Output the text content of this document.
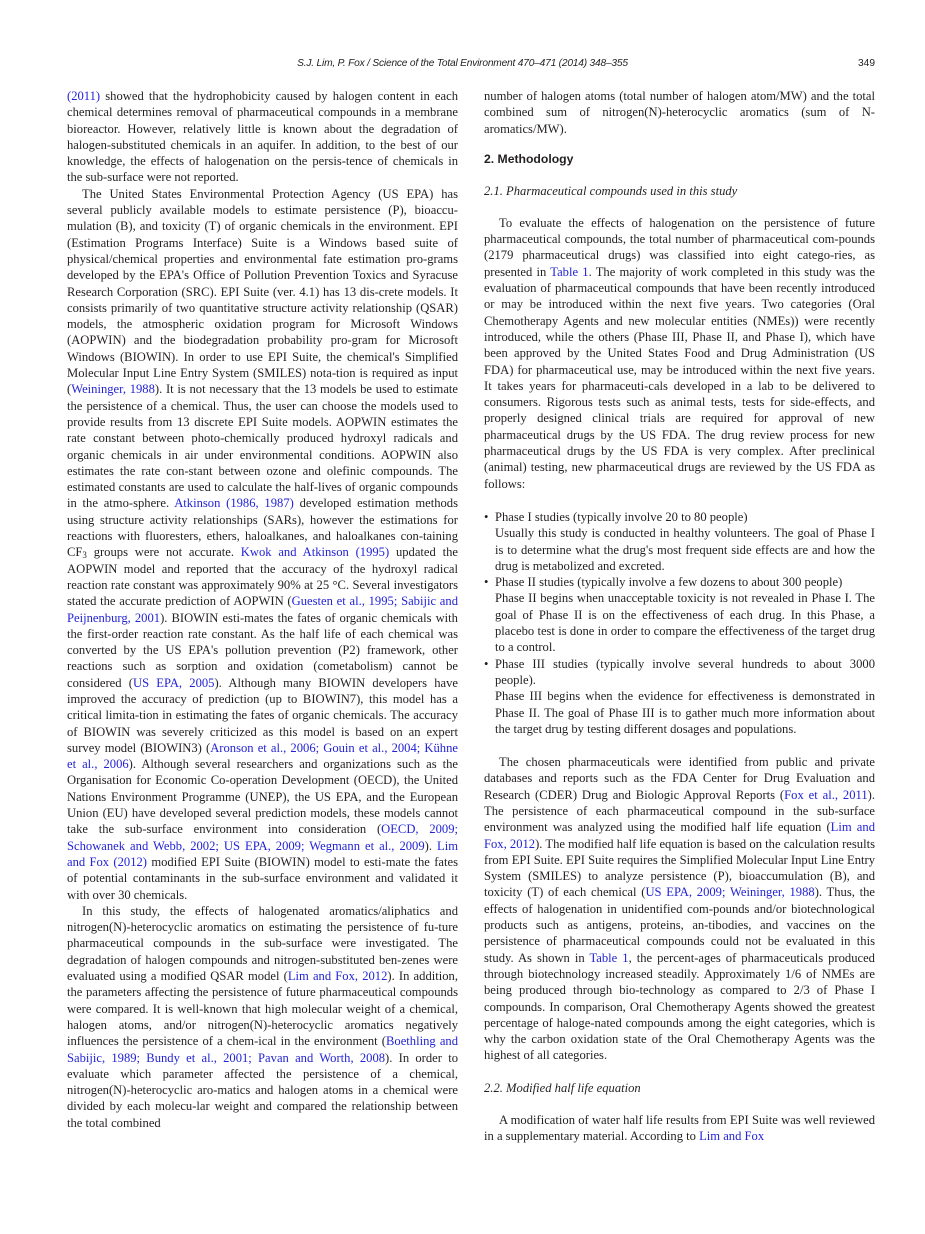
S.J. Lim, P. Fox / Science of the Total Environment 470–471 (2014) 348–355	349

(2011) showed that the hydrophobicity caused by halogen content in each chemical determines removal of pharmaceutical compounds in a membrane bioreactor. However, relatively little is known about the degradation of halogen-substituted chemicals in an aquifer. In addition, to the best of our knowledge, the effects of halogenation on the persis-tence of chemicals in the sub-surface were not reported.

The United States Environmental Protection Agency (US EPA) has several publicly available models to estimate persistence (P), bioaccu-mulation (B), and toxicity (T) of organic chemicals in the environment. EPI (Estimation Programs Interface) Suite is a Windows based suite of physical/chemical properties and environmental fate estimation pro-grams developed by the EPA's Office of Pollution Prevention Toxics and Syracuse Research Corporation (SRC). EPI Suite (ver. 4.1) has 13 dis-crete models. It consists primarily of two quantitative structure activity relationship (QSAR) models, the atmospheric oxidation program for Microsoft Windows (AOPWIN) and the biodegradation probability pro-gram for Microsoft Windows (BIOWIN). In order to use EPI Suite, the chemical's Simplified Molecular Input Line Entry System (SMILES) nota-tion is required as input (Weininger, 1988). It is not necessary that the 13 models be used to estimate the persistence of a chemical. Thus, the user can choose the models used to provide results from 13 discrete EPI Suite models. AOPWIN estimates the rate constant between photo-chemically produced hydroxyl radicals and organic chemicals in air under environmental conditions. AOPWIN also estimates the rate con-stant between ozone and olefinic compounds. The estimated constants are used to calculate the half-lives of organic compounds in the atmo-sphere. Atkinson (1986, 1987) developed estimation methods using structure activity relationships (SARs), however the estimations for reactions with fluoresters, ethers, haloalkanes, and haloalkanes con-taining $CF_3$ groups were not accurate. Kwok and Atkinson (1995) updated the AOPWIN model and reported that the accuracy of the hydroxyl radical reaction rate constant was approximately 90% at 25 °C. Several investigators stated the accurate prediction of AOPWIN (Guesten et al., 1995; Sabijic and Peijnenburg, 2001). BIOWIN esti-mates the fates of organic chemicals with the first-order reaction rate constant. As the half life of each chemical was converted by the US EPA's pollution prevention (P2) framework, other reactions such as sorption and oxidation (cometabolism) cannot be considered (US EPA, 2005). Although many BIOWIN developers have improved the accuracy of prediction (up to BIOWIN7), this model has a critical limita-tion in estimating the fates of organic chemicals. The accuracy of BIOWIN was severely criticized as this model is based on an expert survey model (BIOWIN3) (Aronson et al., 2006; Gouin et al., 2004; Kühne et al., 2006). Although several researchers and organizations such as the Organisation for Economic Co-operation Development (OECD), the United Nations Environment Programme (UNEP), the US EPA, and the European Union (EU) have developed several prediction models, these models cannot take the sub-surface environment into consideration (OECD, 2009; Schowanek and Webb, 2002; US EPA, 2009; Wegmann et al., 2009). Lim and Fox (2012) modified EPI Suite (BIOWIN) model to esti-mate the fates of potential contaminants in the sub-surface environment and validated it with over 30 chemicals.

In this study, the effects of halogenated aromatics/aliphatics and nitrogen(N)-heterocyclic aromatics on estimating the persistence of fu-ture pharmaceutical compounds in the sub-surface were investigated. The degradation of halogen compounds and nitrogen-substituted ben-zenes were evaluated using a modified QSAR model (Lim and Fox, 2012). In addition, the parameters affecting the persistence of future pharmaceutical compounds were compared. It is well-known that high molecular weight of a chemical, halogen atoms, and/or nitrogen(N)-heterocyclic aromatics negatively influences the persistence of a chem-ical in the environment (Boethling and Sabijic, 1989; Bundy et al., 2001; Pavan and Worth, 2008). In order to evaluate which parameter affected the persistence of a chemical, nitrogen(N)-heterocyclic aro-matics and halogen atoms in a chemical were divided by each molecu-lar weight and compared the relationship between the total combined

number of halogen atoms (total number of halogen atom/MW) and the total combined sum of nitrogen(N)-heterocyclic aromatics (sum of N-aromatics/MW).

2. Methodology
2.1. Pharmaceutical compounds used in this study

To evaluate the effects of halogenation on the persistence of future pharmaceutical compounds, the total number of pharmaceutical com-pounds (2179 pharmaceutical drugs) was classified into eight catego-ries, as presented in Table 1. The majority of work completed in this study was the evaluation of pharmaceutical compounds that have been recently introduced or may be introduced within the next five years. Two categories (Oral Chemotherapy Agents and new molecular entities (NMEs)) were recently introduced, while the others (Phase III, Phase II, and Phase I), which have been approved by the United States Food and Drug Administration (US FDA) for pharmaceutical use, may be introduced within the next five years. It takes years for pharmaceuti-cals developed in a lab to be delivered to consumers. Rigorous tests such as animal tests, tests for side-effects, and properly designed clinical trials are required for approval of new pharmaceutical drugs by the US FDA. The drug review process for new pharmaceutical drugs by the US FDA is very complex. After preclinical (animal) testing, new pharmaceutical drugs are reviewed by the US FDA as follows:

• Phase I studies (typically involve 20 to 80 people)
Usually this study is conducted in healthy volunteers. The goal of Phase I is to determine what the drug's most frequent side effects are and how the drug is metabolized and excreted.
• Phase II studies (typically involve a few dozens to about 300 people)
Phase II begins when unacceptable toxicity is not revealed in Phase I. The goal of Phase II is on the effectiveness of each drug. In this Phase, a placebo test is done in order to compare the effectiveness of the target drug to a control.
• Phase III studies (typically involve several hundreds to about 3000 people).
Phase III begins when the evidence for effectiveness is demonstrated in Phase II. The goal of Phase III is to gather much more information about the target drug by testing different dosages and populations.

The chosen pharmaceuticals were identified from public and private databases and reports such as the FDA Center for Drug Evaluation and Research (CDER) Drug and Biologic Approval Reports (Fox et al., 2011). The persistence of each pharmaceutical compound in the sub-surface environment was analyzed using the modified half life equation (Lim and Fox, 2012). The modified half life equation is based on the calculation results from EPI Suite. EPI Suite requires the Simplified Molecular Input Line Entry System (SMILES) to analyze persistence (P), bioaccumulation (B), and toxicity (T) of each chemical (US EPA, 2009; Weininger, 1988). Thus, the effects of halogenation in unidentified com-pounds and/or biotechnological products such as antigens, proteins, an-tibodies, and vaccines on the persistence of pharmaceutical compounds could not be evaluated in this study. As shown in Table 1, the percent-ages of pharmaceuticals produced through biotechnology increased steadily. Approximately 1/6 of NMEs are being produced through bio-technology as compared to 2/3 of Phase I compounds. In comparison, Oral Chemotherapy Agents showed the greatest percentage of haloge-nated compounds among the eight categories, which is why the carbon oxidation state of the Oral Chemotherapy Agents was the highest of all categories.

2.2. Modified half life equation

A modification of water half life results from EPI Suite was well reviewed in a supplementary material. According to Lim and Fox
